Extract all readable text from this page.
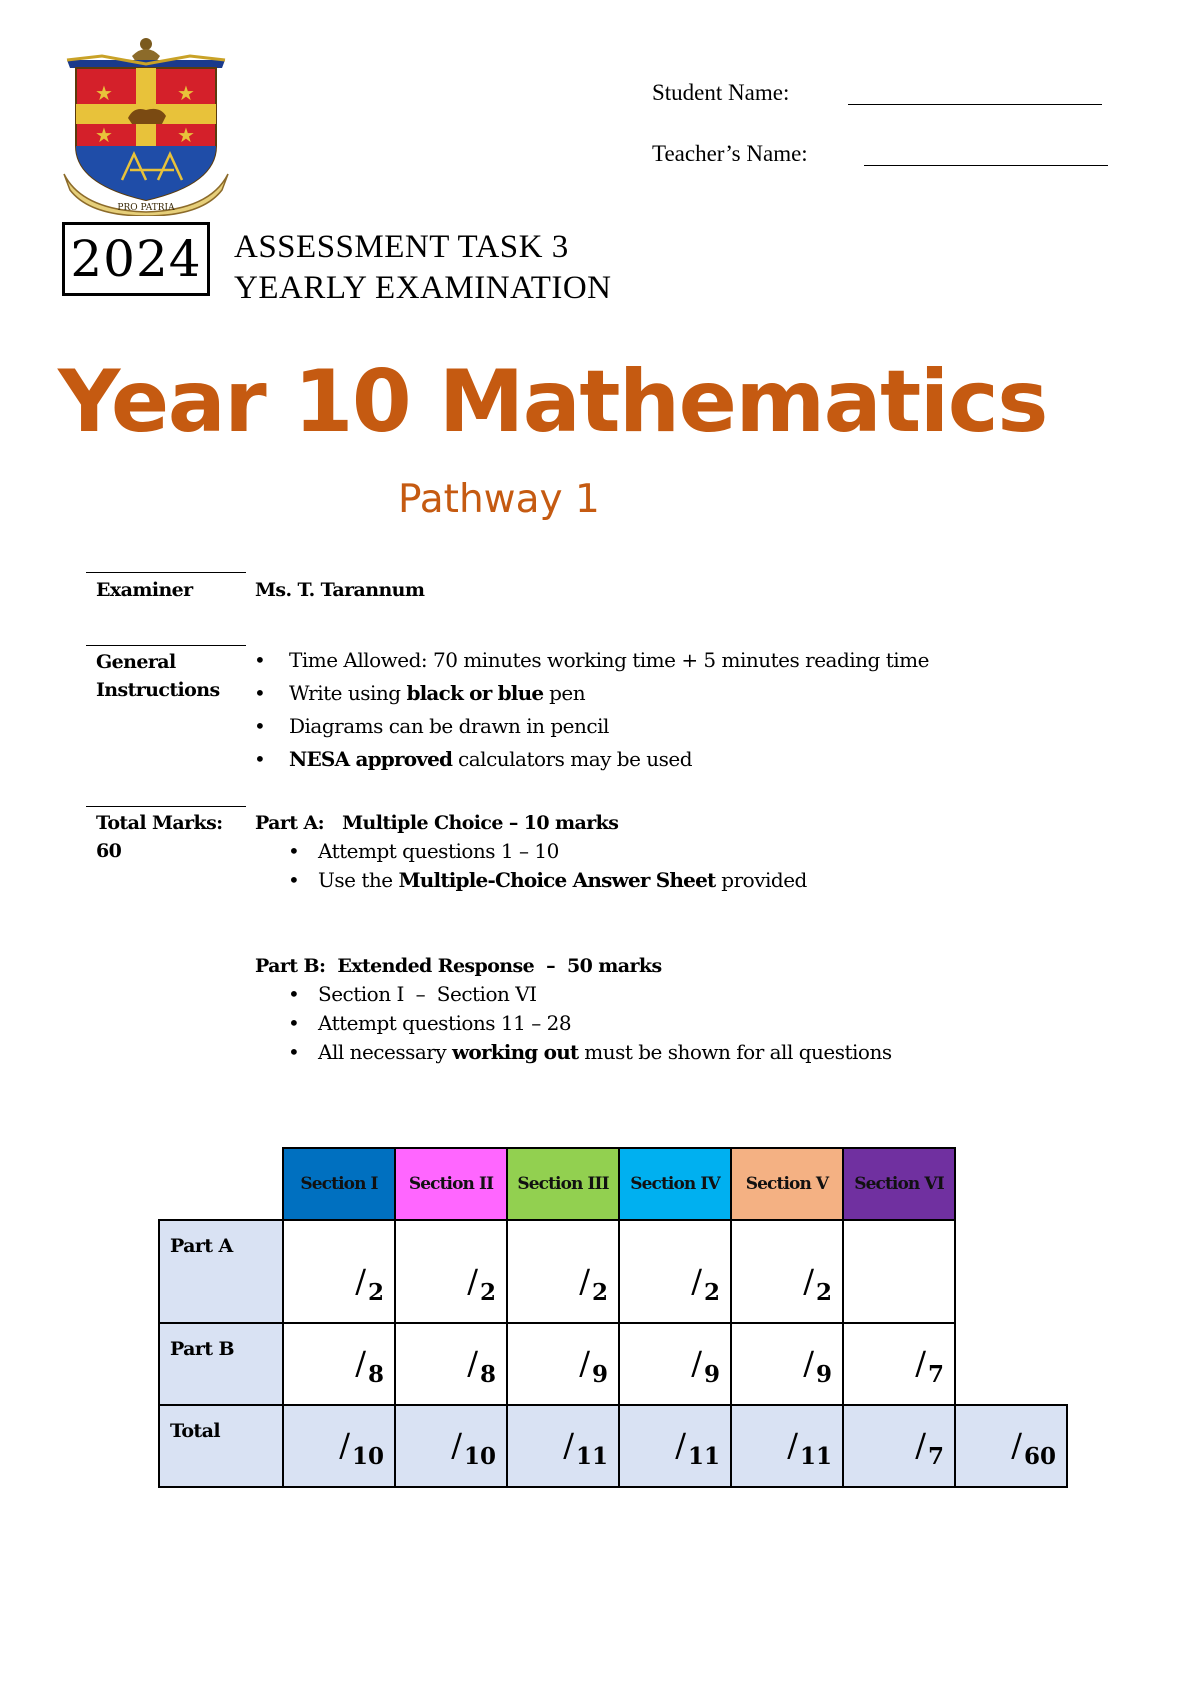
★	★
★	★
PRO PATRIA
Student Name:
Teacher’s Name:
2024 ASSESSMENT TASK 3
YEARLY EXAMINATION
Year 10 Mathematics
Pathway 1
Examiner	Ms. T. Tarannum
General
Instructions
• Time Allowed: 70 minutes working time + 5 minutes reading time
• Write using black or blue pen
• Diagrams can be drawn in pencil
• NESA approved calculators may be used
Total Marks:
60
Part A:   Multiple Choice – 10 marks
• Attempt questions 1 – 10
• Use the Multiple-Choice Answer Sheet provided
Part B:  Extended Response  –  50 marks
• Section I  –  Section VI
• Attempt questions 11 – 28
• All necessary working out must be shown for all questions
	Section I	Section II	Section III	Section IV	Section V	Section VI	
Part A	/2	/2	/2	/2	/2		
Part B	/8	/8	/9	/9	/9	/7	
Total	/10	/10	/11	/11	/11	/7	/60
